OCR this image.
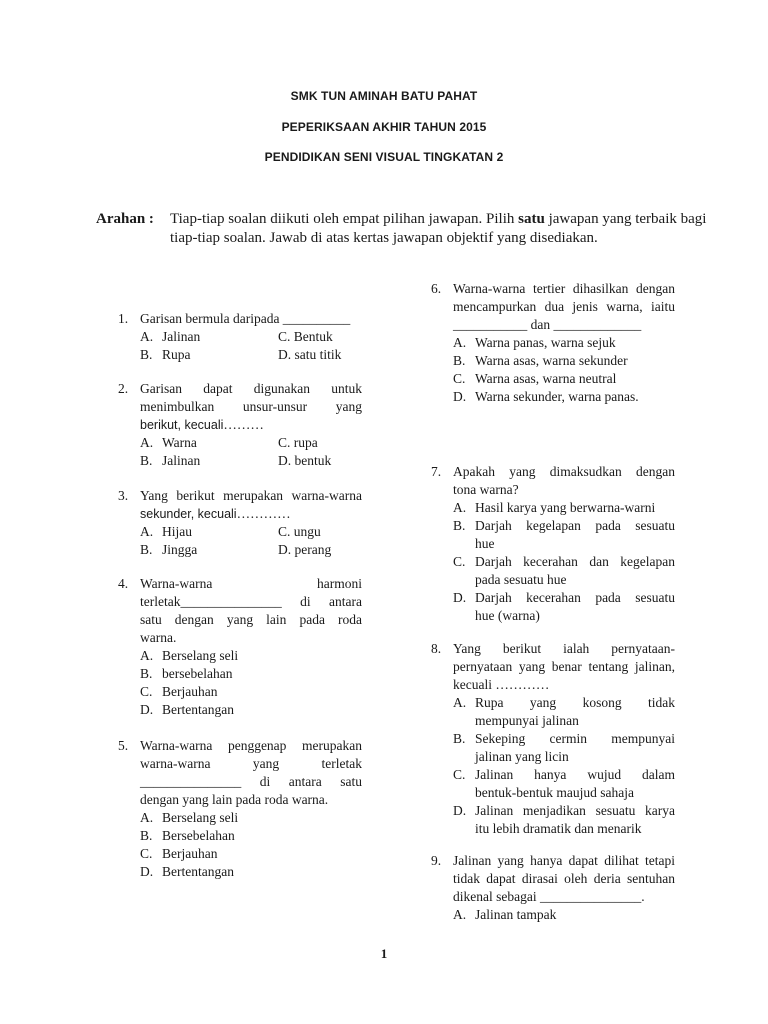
SMK TUN AMINAH BATU PAHAT
PEPERIKSAAN AKHIR TAHUN 2015
PENDIDIKAN SENI VISUAL TINGKATAN 2
Arahan : Tiap-tiap soalan diikuti oleh empat pilihan jawapan. Pilih satu jawapan yang terbaik bagi tiap-tiap soalan. Jawab di atas kertas jawapan objektif yang disediakan.
1. Garisan bermula daripada __________
A. Jalinan	C. Bentuk
B. Rupa	D. satu titik
2. Garisan dapat digunakan untuk
menimbulkan unsur-unsur yang
berikut, kecuali………
A. Warna	C. rupa
B. Jalinan	D. bentuk
3. Yang berikut merupakan warna-warna
sekunder, kecuali…………
A. Hijau	C. ungu
B. Jingga	D. perang
4. Warna-warna harmoni
terletak_______________ di antara
satu dengan yang lain pada roda
warna.
A. Berselang seli
B. bersebelahan
C. Berjauhan
D. Bertentangan
5. Warna-warna penggenap merupakan
warna-warna yang terletak
_______________ di antara satu
dengan yang lain pada roda warna.
A. Berselang seli
B. Bersebelahan
C. Berjauhan
D. Bertentangan
6. Warna-warna tertier dihasilkan dengan
mencampurkan dua jenis warna, iaitu
___________ dan _____________
A. Warna panas, warna sejuk
B. Warna asas, warna sekunder
C. Warna asas, warna neutral
D. Warna sekunder, warna panas.
7. Apakah yang dimaksudkan dengan
tona warna?
A. Hasil karya yang berwarna-warni
B. Darjah kegelapan pada sesuatu
hue
C. Darjah kecerahan dan kegelapan
pada sesuatu hue
D. Darjah kecerahan pada sesuatu
hue (warna)
8. Yang berikut ialah pernyataan-
pernyataan yang benar tentang jalinan,
kecuali …………
A. Rupa yang kosong tidak
mempunyai jalinan
B. Sekeping cermin mempunyai
jalinan yang licin
C. Jalinan hanya wujud dalam
bentuk-bentuk maujud sahaja
D. Jalinan menjadikan sesuatu karya
itu lebih dramatik dan menarik
9. Jalinan yang hanya dapat dilihat tetapi
tidak dapat dirasai oleh deria sentuhan
dikenal sebagai _______________.
A. Jalinan tampak
1
